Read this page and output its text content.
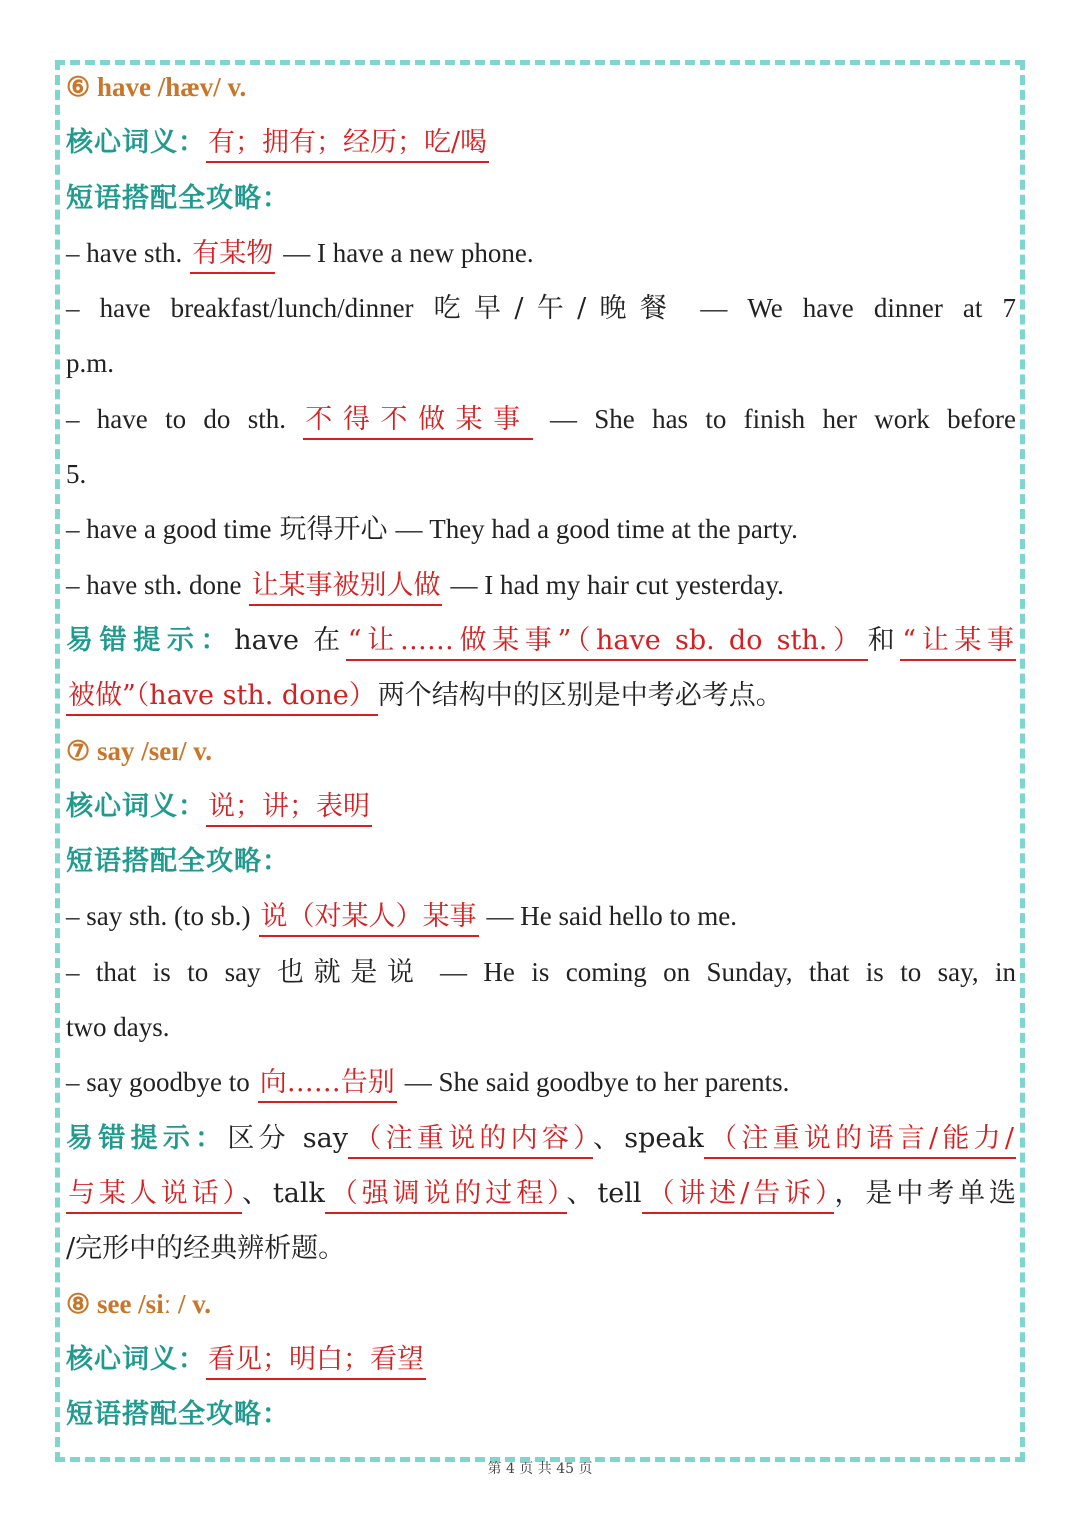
⑥ have /hæv/ v.
核心词义：有；拥有；经历；吃/喝
短语搭配全攻略：
– have sth. 有某物 — I have a new phone.
– have breakfast/lunch/dinner 吃早/午/晚餐 — We have dinner at 7
p.m.
– have to do sth. 不得不做某事 — She has to finish her work before
5.
– have a good time 玩得开心 — They had a good time at the party.
– have sth. done 让某事被别人做 — I had my hair cut yesterday.
易错提示：have 在“让……做某事”（have sb. do sth.）和“让某事
被做”（have sth. done）两个结构中的区别是中考必考点。
⑦ say /seɪ/ v.
核心词义：说；讲；表明
短语搭配全攻略：
– say sth. (to sb.) 说（对某人）某事 — He said hello to me.
– that is to say 也就是说 — He is coming on Sunday, that is to say, in
two days.
– say goodbye to 向……告别 — She said goodbye to her parents.
易错提示：区分 say（注重说的内容）、speak（注重说的语言/能力/
与某人说话）、talk（强调说的过程）、tell（讲述/告诉），是中考单选
/完形中的经典辨析题。
⑧ see /siː / v.
核心词义：看见；明白；看望
短语搭配全攻略：
第 4 页 共 45 页
